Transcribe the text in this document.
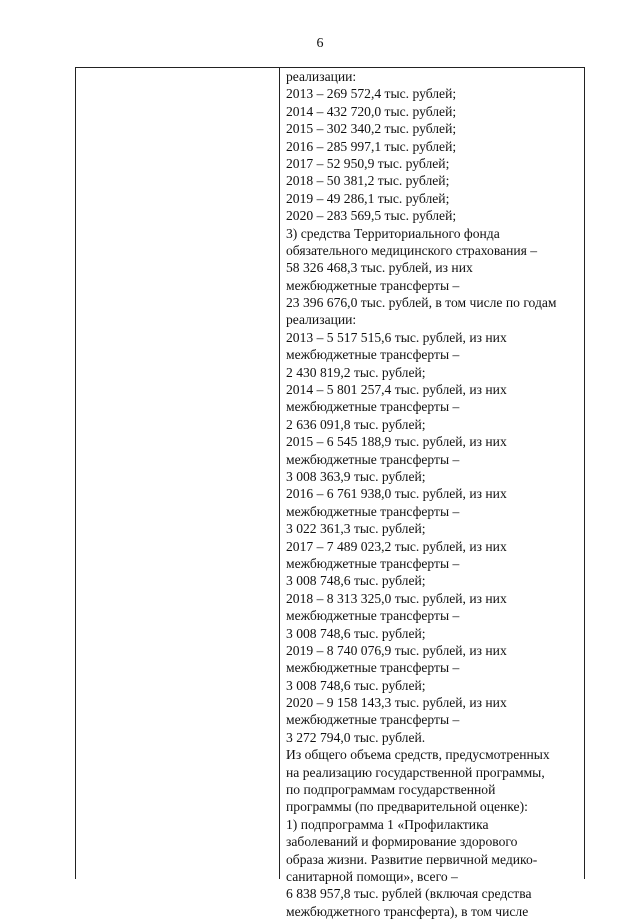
6
реализации:
2013 – 269 572,4 тыс. рублей;
2014 – 432 720,0 тыс. рублей;
2015 – 302 340,2 тыс. рублей;
2016 – 285 997,1 тыс. рублей;
2017 – 52 950,9 тыс. рублей;
2018 – 50 381,2 тыс. рублей;
2019 – 49 286,1 тыс. рублей;
2020 – 283 569,5 тыс. рублей;
3) средства Территориального фонда
обязательного медицинского страхования –
58 326 468,3 тыс. рублей, из них
межбюджетные трансферты –
23 396 676,0 тыс. рублей, в том числе по годам
реализации:
2013 – 5 517 515,6 тыс. рублей, из них
межбюджетные трансферты –
2 430 819,2 тыс. рублей;
2014 – 5 801 257,4 тыс. рублей, из них
межбюджетные трансферты –
2 636 091,8 тыс. рублей;
2015 – 6 545 188,9 тыс. рублей, из них
межбюджетные трансферты –
3 008 363,9 тыс. рублей;
2016 – 6 761 938,0 тыс. рублей, из них
межбюджетные трансферты –
3 022 361,3 тыс. рублей;
2017 – 7 489 023,2 тыс. рублей, из них
межбюджетные трансферты –
3 008 748,6 тыс. рублей;
2018 – 8 313 325,0 тыс. рублей, из них
межбюджетные трансферты –
3 008 748,6 тыс. рублей;
2019 – 8 740 076,9 тыс. рублей, из них
межбюджетные трансферты –
3 008 748,6 тыс. рублей;
2020 – 9 158 143,3 тыс. рублей, из них
межбюджетные трансферты –
3 272 794,0 тыс. рублей.
Из общего объема средств, предусмотренных
на реализацию государственной программы,
по подпрограммам государственной
программы (по предварительной оценке):
1) подпрограмма 1 «Профилактика
заболеваний и формирование здорового
образа жизни. Развитие первичной медико-
санитарной помощи», всего –
6 838 957,8 тыс. рублей (включая средства
межбюджетного трансферта), в том числе
